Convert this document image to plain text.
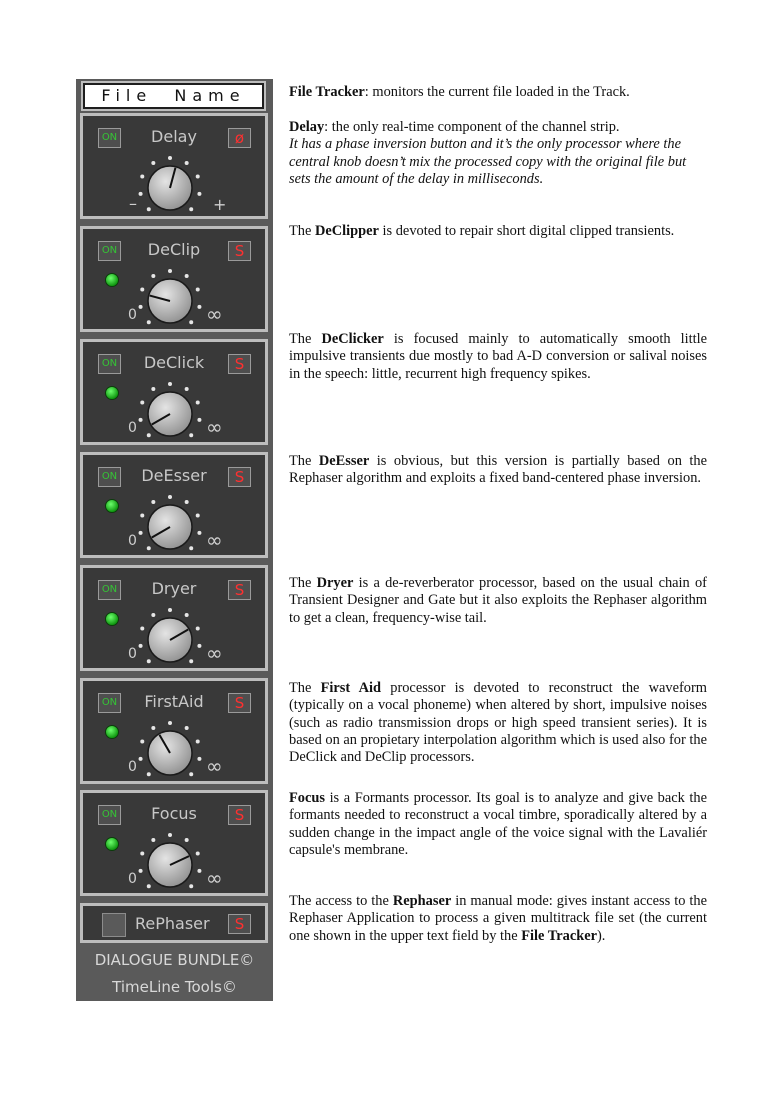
File  Name
ON	Delay	ø
–	+
ON	DeClip	S
0	∞
ON	DeClick	S
0	∞
ON	DeEsser	S
0	∞
ON	Dryer	S
0	∞
ON	FirstAid	S
0	∞
ON	Focus	S
0	∞
RePhaser	S
DIALOGUE BUNDLE©
TimeLine Tools©
File Tracker: monitors the current file loaded in the Track.
Delay: the only real-time component of the channel strip.
It has a phase inversion button and it’s the only processor where the central knob doesn’t mix the processed copy with the original file but sets the amount of the delay in milliseconds.
The DeClipper is devoted to repair short digital clipped transients.
The DeClicker is focused mainly to automatically smooth little impulsive transients due mostly to bad A-D conversion or salival noises in the speech: little, recurrent high frequency spikes.
The DeEsser is obvious, but this version is partially based on the Rephaser algorithm and exploits a fixed band-centered phase inversion.
The Dryer is a de-reverberator processor, based on the usual chain of Transient Designer and Gate but it also exploits the Rephaser algorithm to get a clean, frequency-wise tail.
The First Aid processor is devoted to reconstruct the waveform (typically on a vocal phoneme) when altered by short, impulsive noises (such as radio transmission drops or high speed transient series). It is based on an propietary interpolation algorithm which is used also for the DeClick and DeClip processors.
Focus is a Formants processor. Its goal is to analyze and give back the formants needed to reconstruct a vocal timbre, sporadically altered by a sudden change in the impact angle of the voice signal with the Lavaliér capsule's membrane.
The access to the Rephaser in manual mode: gives instant access to the Rephaser Application to process a given multitrack file set (the current one shown in the upper text field by the File Tracker).
